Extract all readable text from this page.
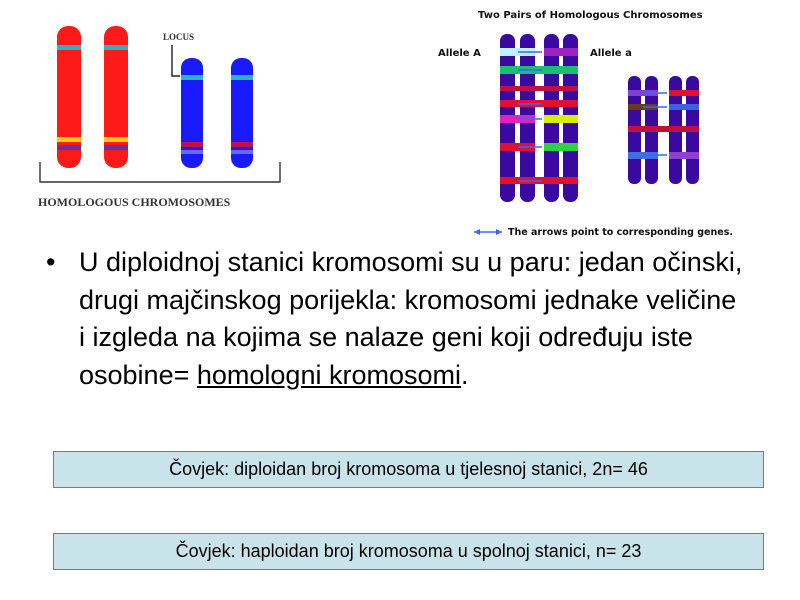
LOCUS
HOMOLOGOUS CHROMOSOMES
Two Pairs of Homologous Chromosomes
Allele A	Allele a
The arrows point to corresponding genes.
• U diploidnoj stanici kromosomi su u paru: jedan očinski, drugi majčinskog porijekla: kromosomi jednake veličine i izgleda na kojima se nalaze geni koji određuju iste osobine= homologni kromosomi.
Čovjek: diploidan broj kromosoma u tjelesnoj stanici, 2n= 46
Čovjek: haploidan broj kromosoma u spolnoj stanici, n= 23
